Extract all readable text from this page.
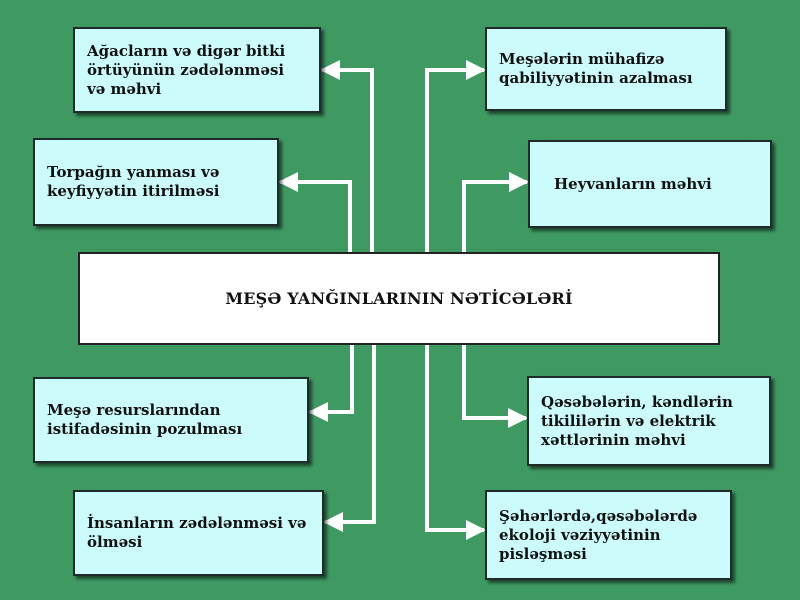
Ağacların və digər bitki örtüyünün zədələnməsi və məhvi
Torpağın yanması və keyfiyyətin itirilməsi
Meşə resurslarından istifadəsinin pozulması
İnsanların zədələnməsi və ölməsi
Meşələrin mühafizə qabiliyyətinin azalması
Heyvanların məhvi
Qəsəbələrin, kəndlərin tikililərin və elektrik xəttlərinin məhvi
Şəhərlərdə,qəsəbələrdə ekoloji vəziyyətinin pisləşməsi
MEŞƏ YANĞINLARININ NƏTİCƏLƏRİ
